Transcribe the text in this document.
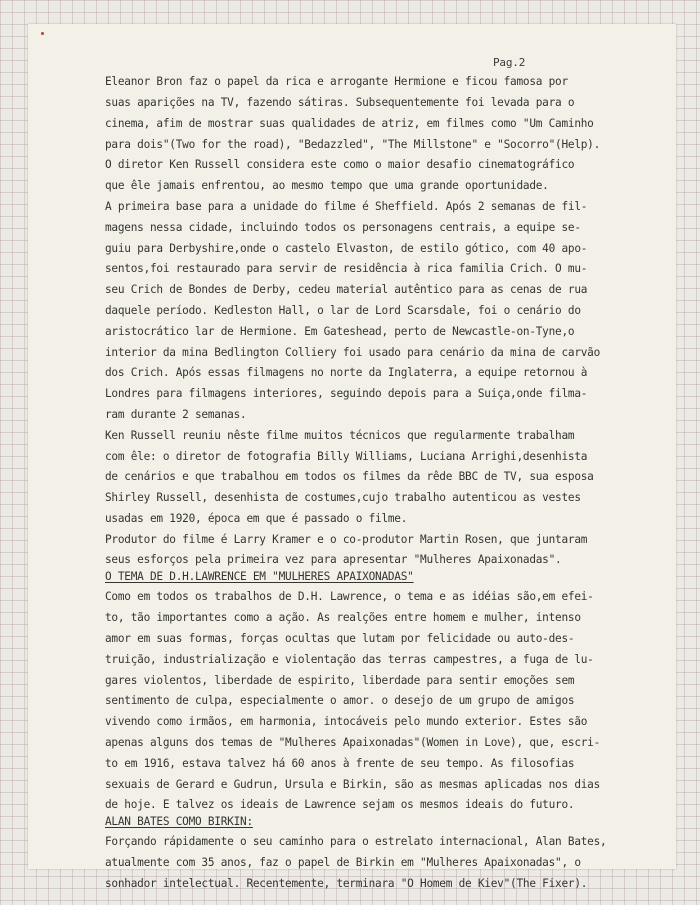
Pag.2
Eleanor Bron faz o papel da rica e arrogante Hermione e ficou famosa por
suas aparições na TV, fazendo sátiras. Subsequentemente foi levada para o
cinema, afim de mostrar suas qualidades de atriz, em filmes como "Um Caminho
para dois"(Two for the road), "Bedazzled", "The Millstone" e "Socorro"(Help).
O diretor Ken Russell considera este como o maior desafio cinematográfico
que êle jamais enfrentou, ao mesmo tempo que uma grande oportunidade.
A primeira base para a unidade do filme é Sheffield. Após 2 semanas de fil-
magens nessa cidade, incluindo todos os personagens centrais, a equipe se-
guiu para Derbyshire,onde o castelo Elvaston, de estilo gótico, com 40 apo-
sentos,foi restaurado para servir de residência à rica familia Crich. O mu-
seu Crich de Bondes de Derby, cedeu material autêntico para as cenas de rua
daquele período. Kedleston Hall, o lar de Lord Scarsdale, foi o cenário do
aristocrático lar de Hermione. Em Gateshead, perto de Newcastle-on-Tyne,o
interior da mina Bedlington Colliery foi usado para cenário da mina de carvão
dos Crich. Após essas filmagens no norte da Inglaterra, a equipe retornou à
Londres para filmagens interiores, seguindo depois para a Suiça,onde filma-
ram durante 2 semanas.
Ken Russell reuniu nêste filme muitos técnicos que regularmente trabalham
com êle: o diretor de fotografia Billy Williams, Luciana Arrighi,desenhista
de cenários e que trabalhou em todos os filmes da rêde BBC de TV, sua esposa
Shirley Russell, desenhista de costumes,cujo trabalho autenticou as vestes
usadas em 1920, época em que é passado o filme.
Produtor do filme é Larry Kramer e o co-produtor Martin Rosen, que juntaram
seus esforços pela primeira vez para apresentar "Mulheres Apaixonadas".
O TEMA DE D.H.LAWRENCE EM "MULHERES APAIXONADAS"
Como em todos os trabalhos de D.H. Lawrence, o tema e as idéias são,em efei-
to, tão importantes como a ação. As realções entre homem e mulher, intenso
amor em suas formas, forças ocultas que lutam por felicidade ou auto-des-
truição, industrialização e violentação das terras campestres, a fuga de lu-
gares violentos, liberdade de espirito, liberdade para sentir emoções sem
sentimento de culpa, especialmente o amor. o desejo de um grupo de amigos
vivendo como irmãos, em harmonia, intocáveis pelo mundo exterior. Estes são
apenas alguns dos temas de "Mulheres Apaixonadas"(Women in Love), que, escri-
to em 1916, estava talvez há 60 anos à frente de seu tempo. As filosofias
sexuais de Gerard e Gudrun, Ursula e Birkin, são as mesmas aplicadas nos dias
de hoje. E talvez os ideais de Lawrence sejam os mesmos ideais do futuro.
ALAN BATES COMO BIRKIN:
Forçando rápidamente o seu caminho para o estrelato internacional, Alan Bates,
atualmente com 35 anos, faz o papel de Birkin em "Mulheres Apaixonadas", o
sonhador intelectual. Recentemente, terminara "O Homem de Kiev"(The Fixer).
